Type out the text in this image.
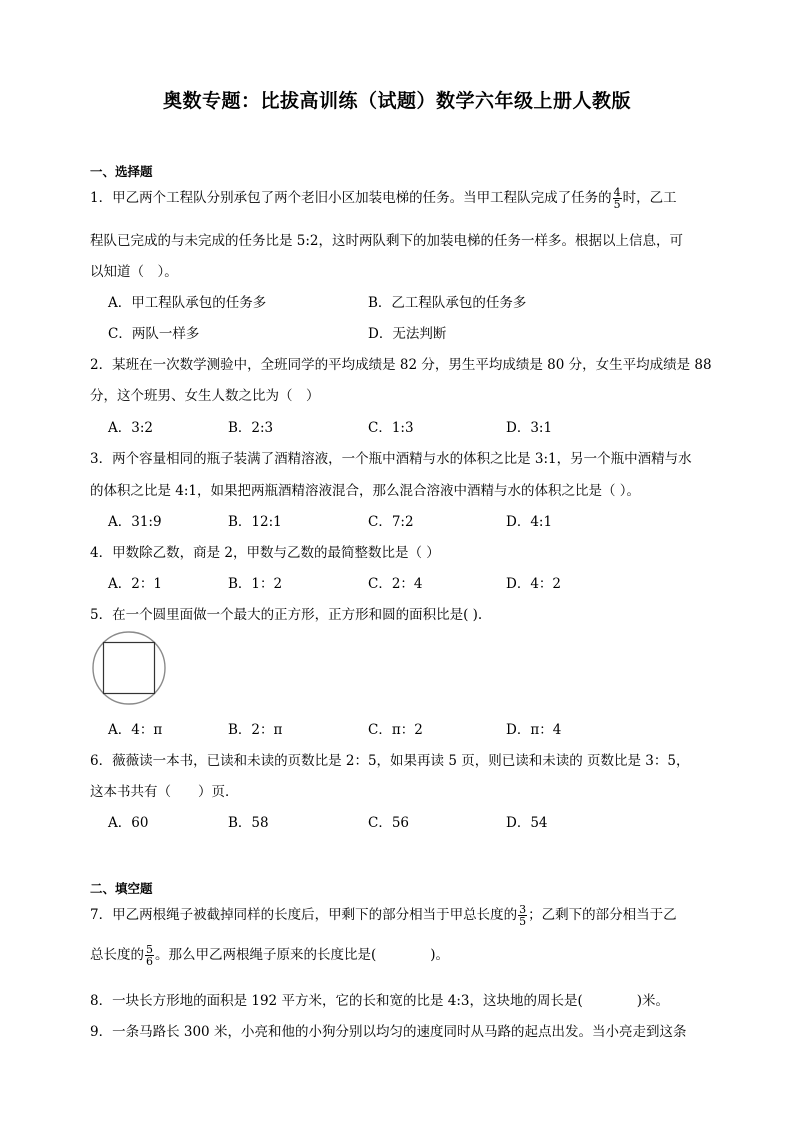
奥数专题：比拔高训练（试题）数学六年级上册人教版
一、选择题
1．甲乙两个工程队分别承包了两个老旧小区加装电梯的任务。当甲工程队完成了任务的 $\frac{4}{5}$ 时，乙工
程队已完成的与未完成的任务比是 5:2，这时两队剩下的加装电梯的任务一样多。根据以上信息，可
以知道（　）。
A．甲工程队承包的任务多	B．乙工程队承包的任务多
C．两队一样多	D．无法判断
2．某班在一次数学测验中，全班同学的平均成绩是 82 分，男生平均成绩是 80 分，女生平均成绩是 88
分，这个班男、女生人数之比为（　）
A．3:2	B．2:3	C．1:3	D．3:1
3．两个容量相同的瓶子装满了酒精溶液，一个瓶中酒精与水的体积之比是 3:1，另一个瓶中酒精与水
的体积之比是 4:1，如果把两瓶酒精溶液混合，那么混合溶液中酒精与水的体积之比是（ ）。
A．31:9	B．12:1	C．7:2	D．4:1
4．甲数除乙数，商是 2，甲数与乙数的最简整数比是（ ）
A．2：1	B．1：2	C．2：4	D．4：2
5．在一个圆里面做一个最大的正方形，正方形和圆的面积比是( ).
A．4：π	B．2：π	C．π：2	D．π：4
6．薇薇读一本书，已读和未读的页数比是 2：5，如果再读 5 页，则已读和未读的 页数比是 3：5，
这本书共有（　　）页．
A．60	B．58	C．56	D．54
二、填空题
7．甲乙两根绳子被截掉同样的长度后，甲剩下的部分相当于甲总长度的 $\frac{3}{5}$ ；乙剩下的部分相当于乙
总长度的 $\frac{5}{6}$ 。那么甲乙两根绳子原来的长度比是(　　　　)。
8．一块长方形地的面积是 192 平方米，它的长和宽的比是 4:3，这块地的周长是(　　　　)米。
9．一条马路长 300 米，小亮和他的小狗分别以均匀的速度同时从马路的起点出发。当小亮走到这条
